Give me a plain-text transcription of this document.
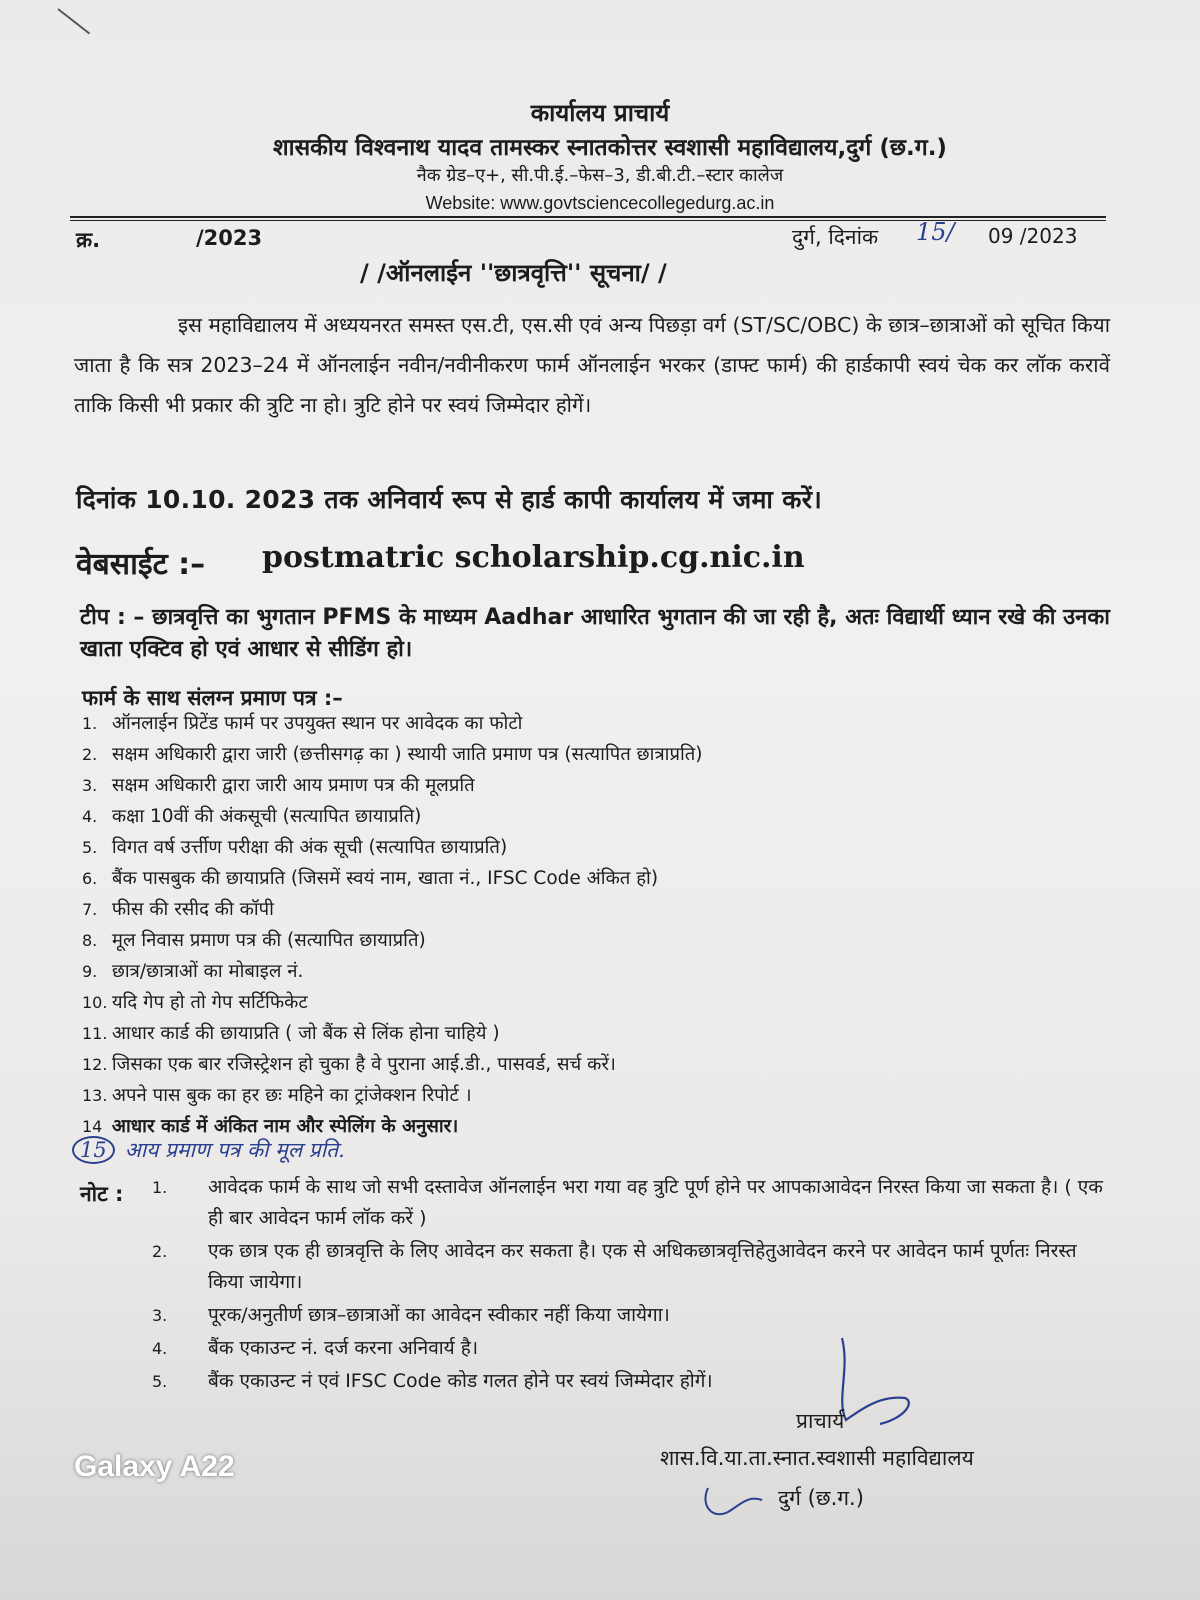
कार्यालय प्राचार्य
शासकीय विश्वनाथ यादव तामस्कर स्नातकोत्तर स्वशासी महाविद्यालय,दुर्ग (छ.ग.)
नैक ग्रेड–ए+, सी.पी.ई.–फेस–3, डी.बी.टी.–स्टार कालेज
Website: www.govtsciencecollegedurg.ac.in
क्र.	/2023	दुर्ग, दिनांक 15/ 09 /2023
/ /ऑनलाईन ''छात्रवृत्ति'' सूचना/ /
इस महाविद्यालय में अध्ययनरत समस्त एस.टी, एस.सी एवं अन्य पिछड़ा वर्ग (ST/SC/OBC) के छात्र–छात्राओं को सूचित किया जाता है कि सत्र 2023–24 में ऑनलाईन नवीन/नवीनीकरण फार्म ऑनलाईन भरकर (डाफ्ट फार्म) की हार्डकापी स्वयं चेक कर लॉक करावें ताकि किसी भी प्रकार की त्रुटि ना हो। त्रुटि होने पर स्वयं जिम्मेदार होगें।
दिनांक 10.10. 2023 तक अनिवार्य रूप से हार्ड कापी कार्यालय में जमा करें।
वेबसाईट :– postmatric scholarship.cg.nic.in
टीप : – छात्रवृत्ति का भुगतान PFMS के माध्यम Aadhar आधारित भुगतान की जा रही है, अतः विद्यार्थी ध्यान रखे की उनका खाता एक्टिव हो एवं आधार से सीडिंग हो।
फार्म के साथ संलग्न प्रमाण पत्र :–
1. ऑनलाईन प्रिटेंड फार्म पर उपयुक्त स्थान पर आवेदक का फोटो
2. सक्षम अधिकारी द्वारा जारी (छत्तीसगढ़ का ) स्थायी जाति प्रमाण पत्र (सत्यापित छात्राप्रति)
3. सक्षम अधिकारी द्वारा जारी आय प्रमाण पत्र की मूलप्रति
4. कक्षा 10वीं की अंकसूची (सत्यापित छायाप्रति)
5. विगत वर्ष उर्त्तीण परीक्षा की अंक सूची (सत्यापित छायाप्रति)
6. बैंक पासबुक की छायाप्रति (जिसमें स्वयं नाम, खाता नं., IFSC Code अंकित हो)
7. फीस की रसीद की कॉपी
8. मूल निवास प्रमाण पत्र की (सत्यापित छायाप्रति)
9. छात्र/छात्राओं का मोबाइल नं.
10. यदि गेप हो तो गेप सर्टिफिकेट
11. आधार कार्ड की छायाप्रति ( जो बैंक से लिंक होना चाहिये )
12. जिसका एक बार रजिस्ट्रेशन हो चुका है वे पुराना आई.डी., पासवर्ड, सर्च करें।
13. अपने पास बुक का हर छः महिने का ट्रांजेक्शन रिपोर्ट ।
14 आधार कार्ड में अंकित नाम और स्पेलिंग के अनुसार।
15 आय प्रमाण पत्र की मूल प्रति.
नोट : 1.	आवेदक फार्म के साथ जो सभी दस्तावेज ऑनलाईन भरा गया वह त्रुटि पूर्ण होने पर आपकाआवेदन निरस्त किया जा सकता है। ( एक ही बार आवेदन फार्म लॉक करें )
2.	एक छात्र एक ही छात्रवृत्ति के लिए आवेदन कर सकता है। एक से अधिकछात्रवृत्तिहेतुआवेदन करने पर आवेदन फार्म पूर्णतः निरस्त किया जायेगा।
3.	पूरक/अनुतीर्ण छात्र–छात्राओं का आवेदन स्वीकार नहीं किया जायेगा।
4.	बैंक एकाउन्ट नं. दर्ज करना अनिवार्य है।
5.	बैंक एकाउन्ट नं एवं IFSC Code कोड गलत होने पर स्वयं जिम्मेदार होगें।
प्राचार्य
शास.वि.या.ता.स्नात.स्वशासी महाविद्यालय
दुर्ग (छ.ग.)
Galaxy A22
